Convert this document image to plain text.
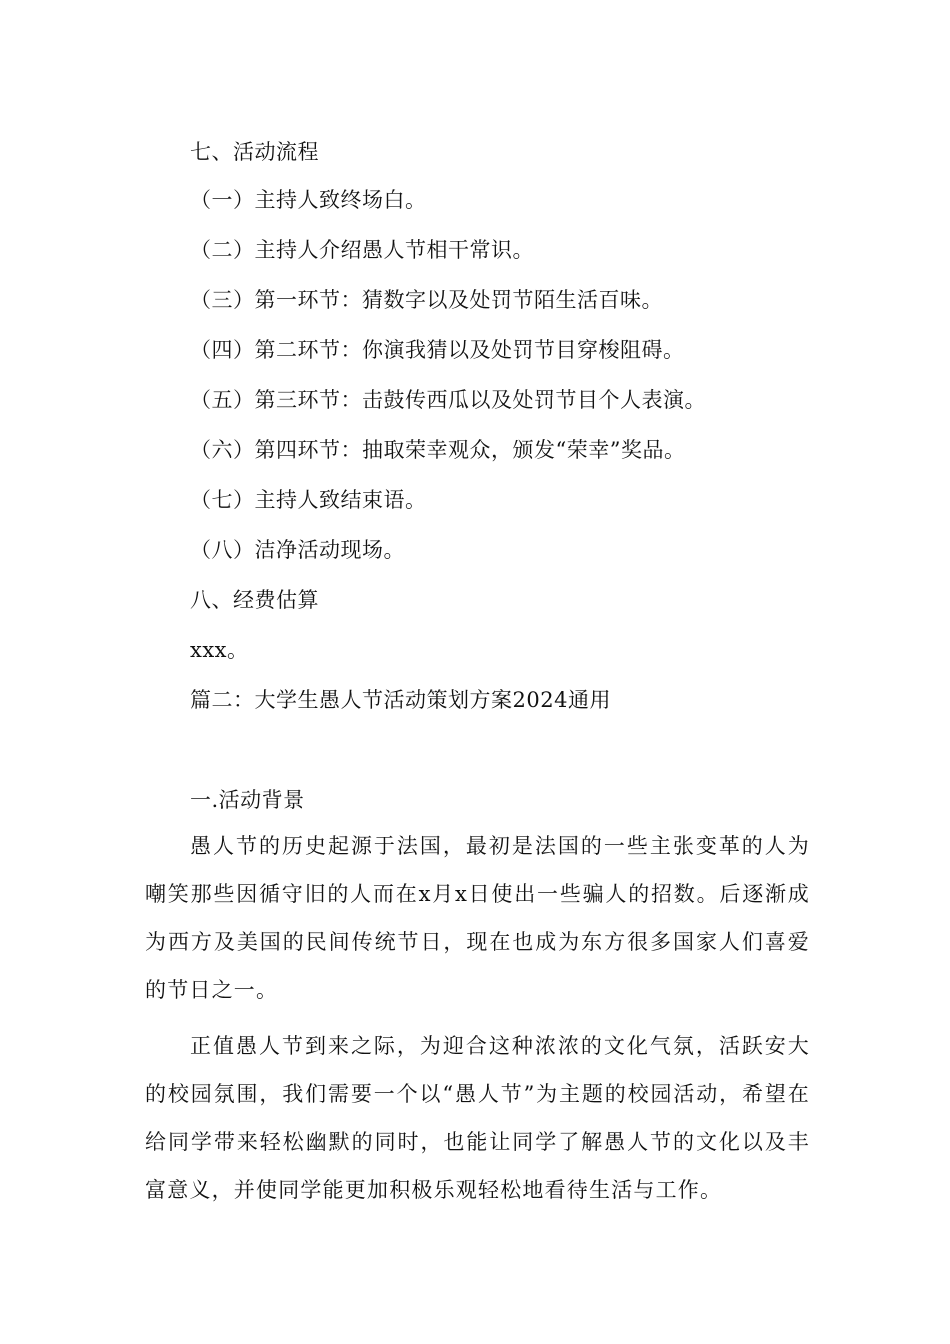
七、活动流程
（一）主持人致终场白。
（二）主持人介绍愚人节相干常识。
（三）第一环节：猜数字以及处罚节陌生活百味。
（四）第二环节：你演我猜以及处罚节目穿梭阻碍。
（五）第三环节：击鼓传西瓜以及处罚节目个人表演。
（六）第四环节：抽取荣幸观众，颁发“荣幸”奖品。
（七）主持人致结束语。
（八）洁净活动现场。
八、经费估算
xxx。
篇二：大学生愚人节活动策划方案2024通用
一.活动背景
愚人节的历史起源于法国，最初是法国的一些主张变革的人为嘲笑那些因循守旧的人而在x月x日使出一些骗人的招数。后逐渐成为西方及美国的民间传统节日，现在也成为东方很多国家人们喜爱的节日之一。
正值愚人节到来之际，为迎合这种浓浓的文化气氛，活跃安大的校园氛围，我们需要一个以“愚人节”为主题的校园活动，希望在给同学带来轻松幽默的同时，也能让同学了解愚人节的文化以及丰富意义，并使同学能更加积极乐观轻松地看待生活与工作。
